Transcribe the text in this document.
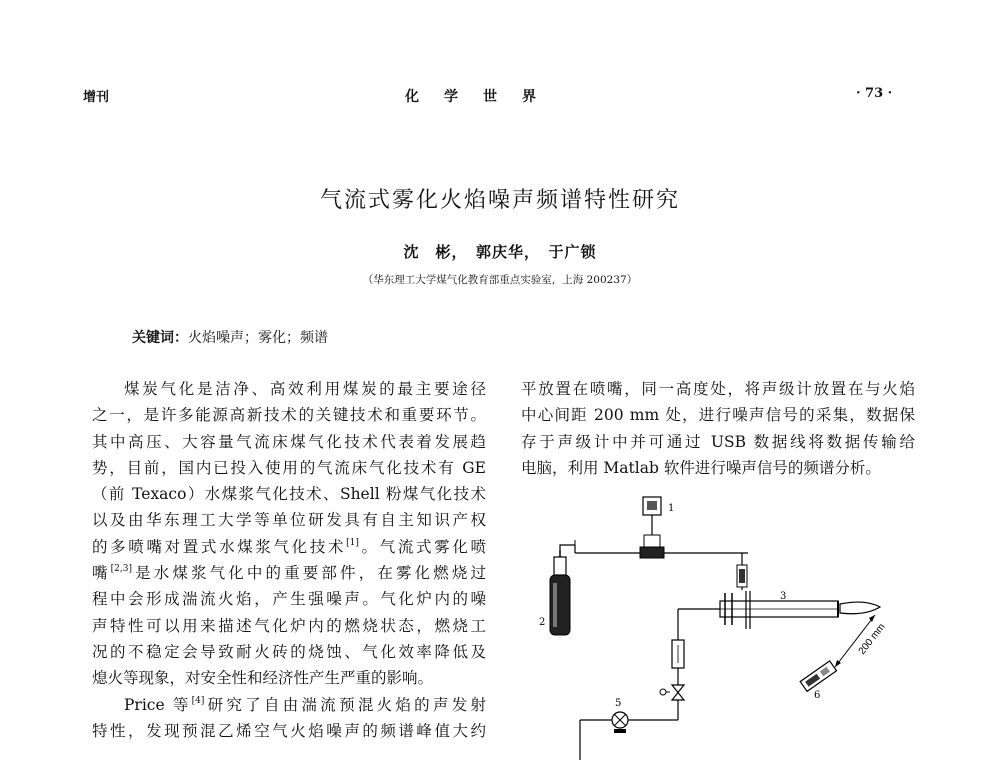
增刊	化学世界	· 73 ·
气流式雾化火焰噪声频谱特性研究
沈　彬，　郭庆华，　于广锁
（华东理工大学煤气化教育部重点实验室，上海 200237）
关键词：火焰噪声；雾化；频谱

煤炭气化是洁净、高效利用煤炭的最主要途径

之一，是许多能源高新技术的关键技术和重要环节。

其中高压、大容量气流床煤气化技术代表着发展趋

势，目前，国内已投入使用的气流床气化技术有 GE

（前 Texaco）水煤浆气化技术、Shell 粉煤气化技术

以及由华东理工大学等单位研发具有自主知识产权

的多喷嘴对置式水煤浆气化技术[1]。气流式雾化喷

嘴[2,3]是水煤浆气化中的重要部件，在雾化燃烧过

程中会形成湍流火焰，产生强噪声。气化炉内的噪

声特性可以用来描述气化炉内的燃烧状态，燃烧工

况的不稳定会导致耐火砖的烧蚀、气化效率降低及

熄火等现象，对安全性和经济性产生严重的影响。

Price 等[4]研究了自由湍流预混火焰的声发射

特性，发现预混乙烯空气火焰噪声的频谱峰值大约

平放置在喷嘴，同一高度处，将声级计放置在与火焰

中心间距 200 mm 处，进行噪声信号的采集，数据保

存于声级计中并可通过 USB 数据线将数据传输给

电脑，利用 Matlab 软件进行噪声信号的频谱分析。

2
1
3
200 mm
6
5
